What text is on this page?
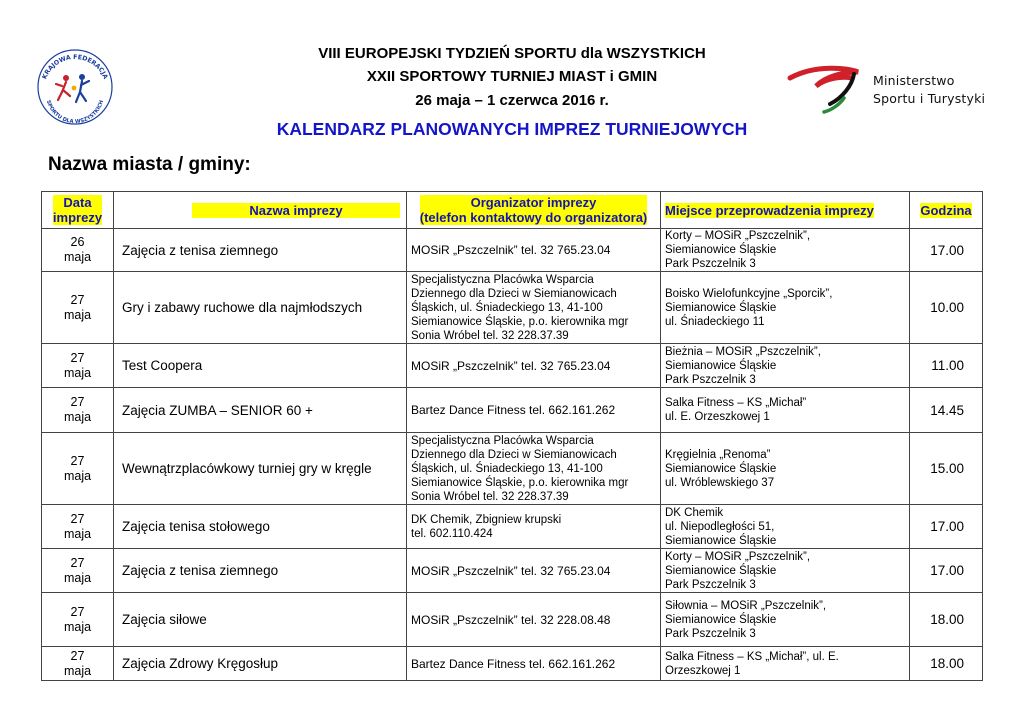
KRAJOWA FEDERACJA
SPORTU DLA WSZYSTKICH
Ministerstwo
Sportu i Turystyki
VIII EUROPEJSKI TYDZIEŃ SPORTU dla WSZYSTKICH
XXII SPORTOWY TURNIEJ MIAST i GMIN
26 maja – 1 czerwca 2016 r.
KALENDARZ PLANOWANYCH IMPREZ TURNIEJOWYCH
Nazwa miasta / gminy:
Data
imprezy	Nazwa imprezy	Organizator imprezy
(telefon kontaktowy do organizatora)	Miejsce przeprowadzenia imprezy	Godzina

26
maja	Zajęcia z tenisa ziemnego	MOSiR „Pszczelnik” tel. 32 765.23.04	Korty – MOSiR „Pszczelnik”,
Siemianowice Śląskie
Park Pszczelnik 3	17.00

27
maja	Gry i zabawy ruchowe dla najmłodszych	Specjalistyczna Placówka Wsparcia
Dziennego dla Dzieci w Siemianowicach
Śląskich, ul. Śniadeckiego 13, 41-100
Siemianowice Śląskie, p.o. kierownika mgr
Sonia Wróbel tel. 32 228.37.39	Boisko Wielofunkcyjne „Sporcik”,
Siemianowice Śląskie
ul. Śniadeckiego 11	10.00

27
maja	Test Coopera	MOSiR „Pszczelnik” tel. 32 765.23.04	Bieżnia – MOSiR „Pszczelnik”,
Siemianowice Śląskie
Park Pszczelnik 3	11.00

27
maja	Zajęcia ZUMBA – SENIOR 60 +	Bartez Dance Fitness tel. 662.161.262	Salka Fitness – KS „Michał”
ul. E. Orzeszkowej 1	14.45

27
maja	Wewnątrzplacówkowy turniej gry w kręgle	Specjalistyczna Placówka Wsparcia
Dziennego dla Dzieci w Siemianowicach
Śląskich, ul. Śniadeckiego 13, 41-100
Siemianowice Śląskie, p.o. kierownika mgr
Sonia Wróbel tel. 32 228.37.39	Kręgielnia „Renoma”
Siemianowice Śląskie
ul. Wróblewskiego 37	15.00

27
maja	Zajęcia tenisa stołowego	DK Chemik, Zbigniew krupski
tel. 602.110.424	DK Chemik
ul. Niepodległości 51,
Siemianowice Śląskie	17.00

27
maja	Zajęcia z tenisa ziemnego	MOSiR „Pszczelnik” tel. 32 765.23.04	Korty – MOSiR „Pszczelnik”,
Siemianowice Śląskie
Park Pszczelnik 3	17.00

27
maja	Zajęcia siłowe	MOSiR „Pszczelnik” tel. 32 228.08.48	Siłownia – MOSiR „Pszczelnik”,
Siemianowice Śląskie
Park Pszczelnik 3	18.00

27
maja	Zajęcia Zdrowy Kręgosłup	Bartez Dance Fitness tel. 662.161.262	Salka Fitness – KS „Michał”, ul. E.
Orzeszkowej 1	18.00
